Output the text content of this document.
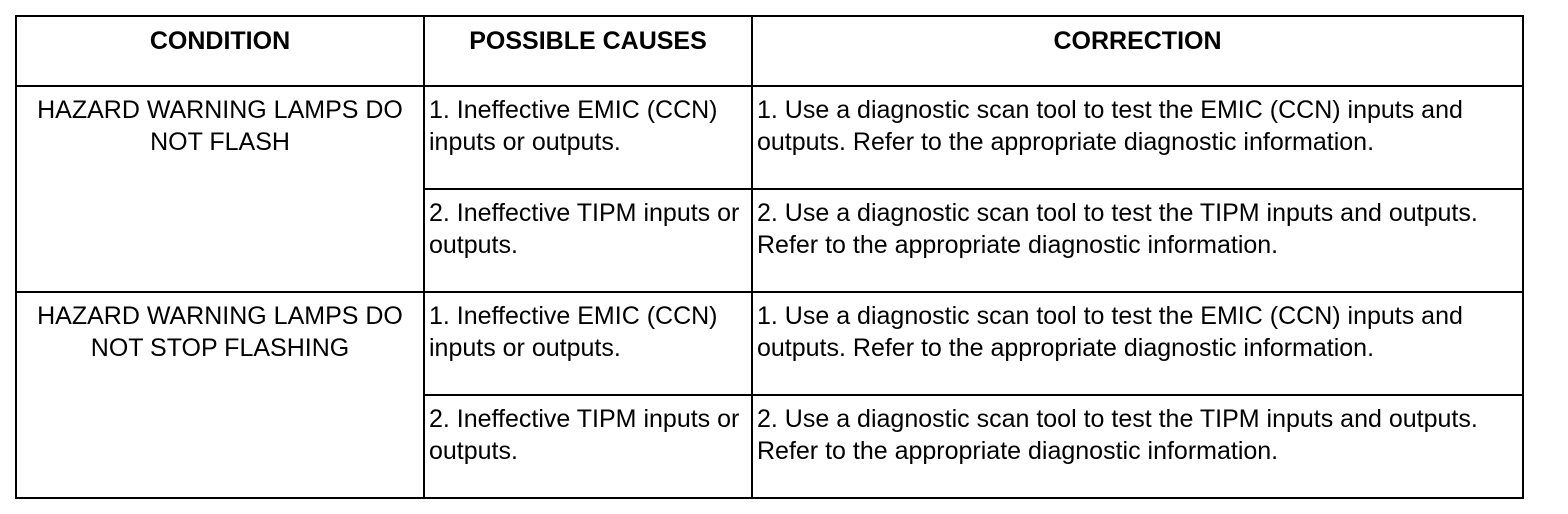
CONDITION	POSSIBLE CAUSES	CORRECTION
HAZARD WARNING LAMPS DO NOT FLASH	1. Ineffective EMIC (CCN) inputs or outputs.	1. Use a diagnostic scan tool to test the EMIC (CCN) inputs and outputs. Refer to the appropriate diagnostic information.
	2. Ineffective TIPM inputs or outputs.	2. Use a diagnostic scan tool to test the TIPM inputs and outputs. Refer to the appropriate diagnostic information.
HAZARD WARNING LAMPS DO NOT STOP FLASHING	1. Ineffective EMIC (CCN) inputs or outputs.	1. Use a diagnostic scan tool to test the EMIC (CCN) inputs and outputs. Refer to the appropriate diagnostic information.
	2. Ineffective TIPM inputs or outputs.	2. Use a diagnostic scan tool to test the TIPM inputs and outputs. Refer to the appropriate diagnostic information.
